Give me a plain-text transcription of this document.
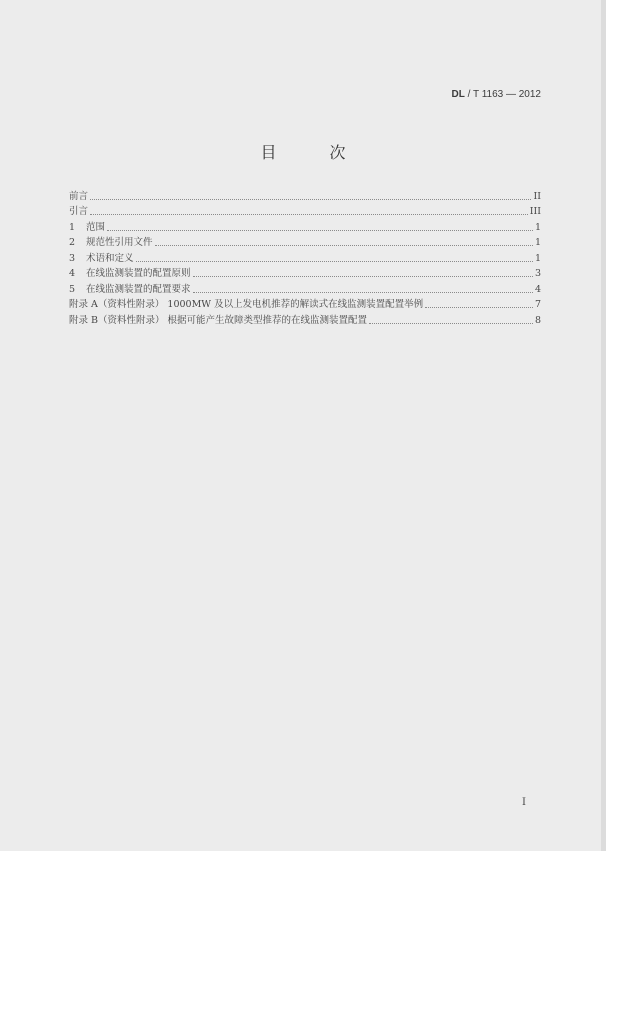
DL / T 1163 — 2012
目 次
前言	II
引言	III
1	范围	1
2	规范性引用文件	1
3	术语和定义	1
4	在线监测装置的配置原则	3
5	在线监测装置的配置要求	4
附录 A（资料性附录） 1000MW 及以上发电机推荐的解读式在线监测装置配置举例	7
附录 B（资料性附录） 根据可能产生故障类型推荐的在线监测装置配置	8
I
